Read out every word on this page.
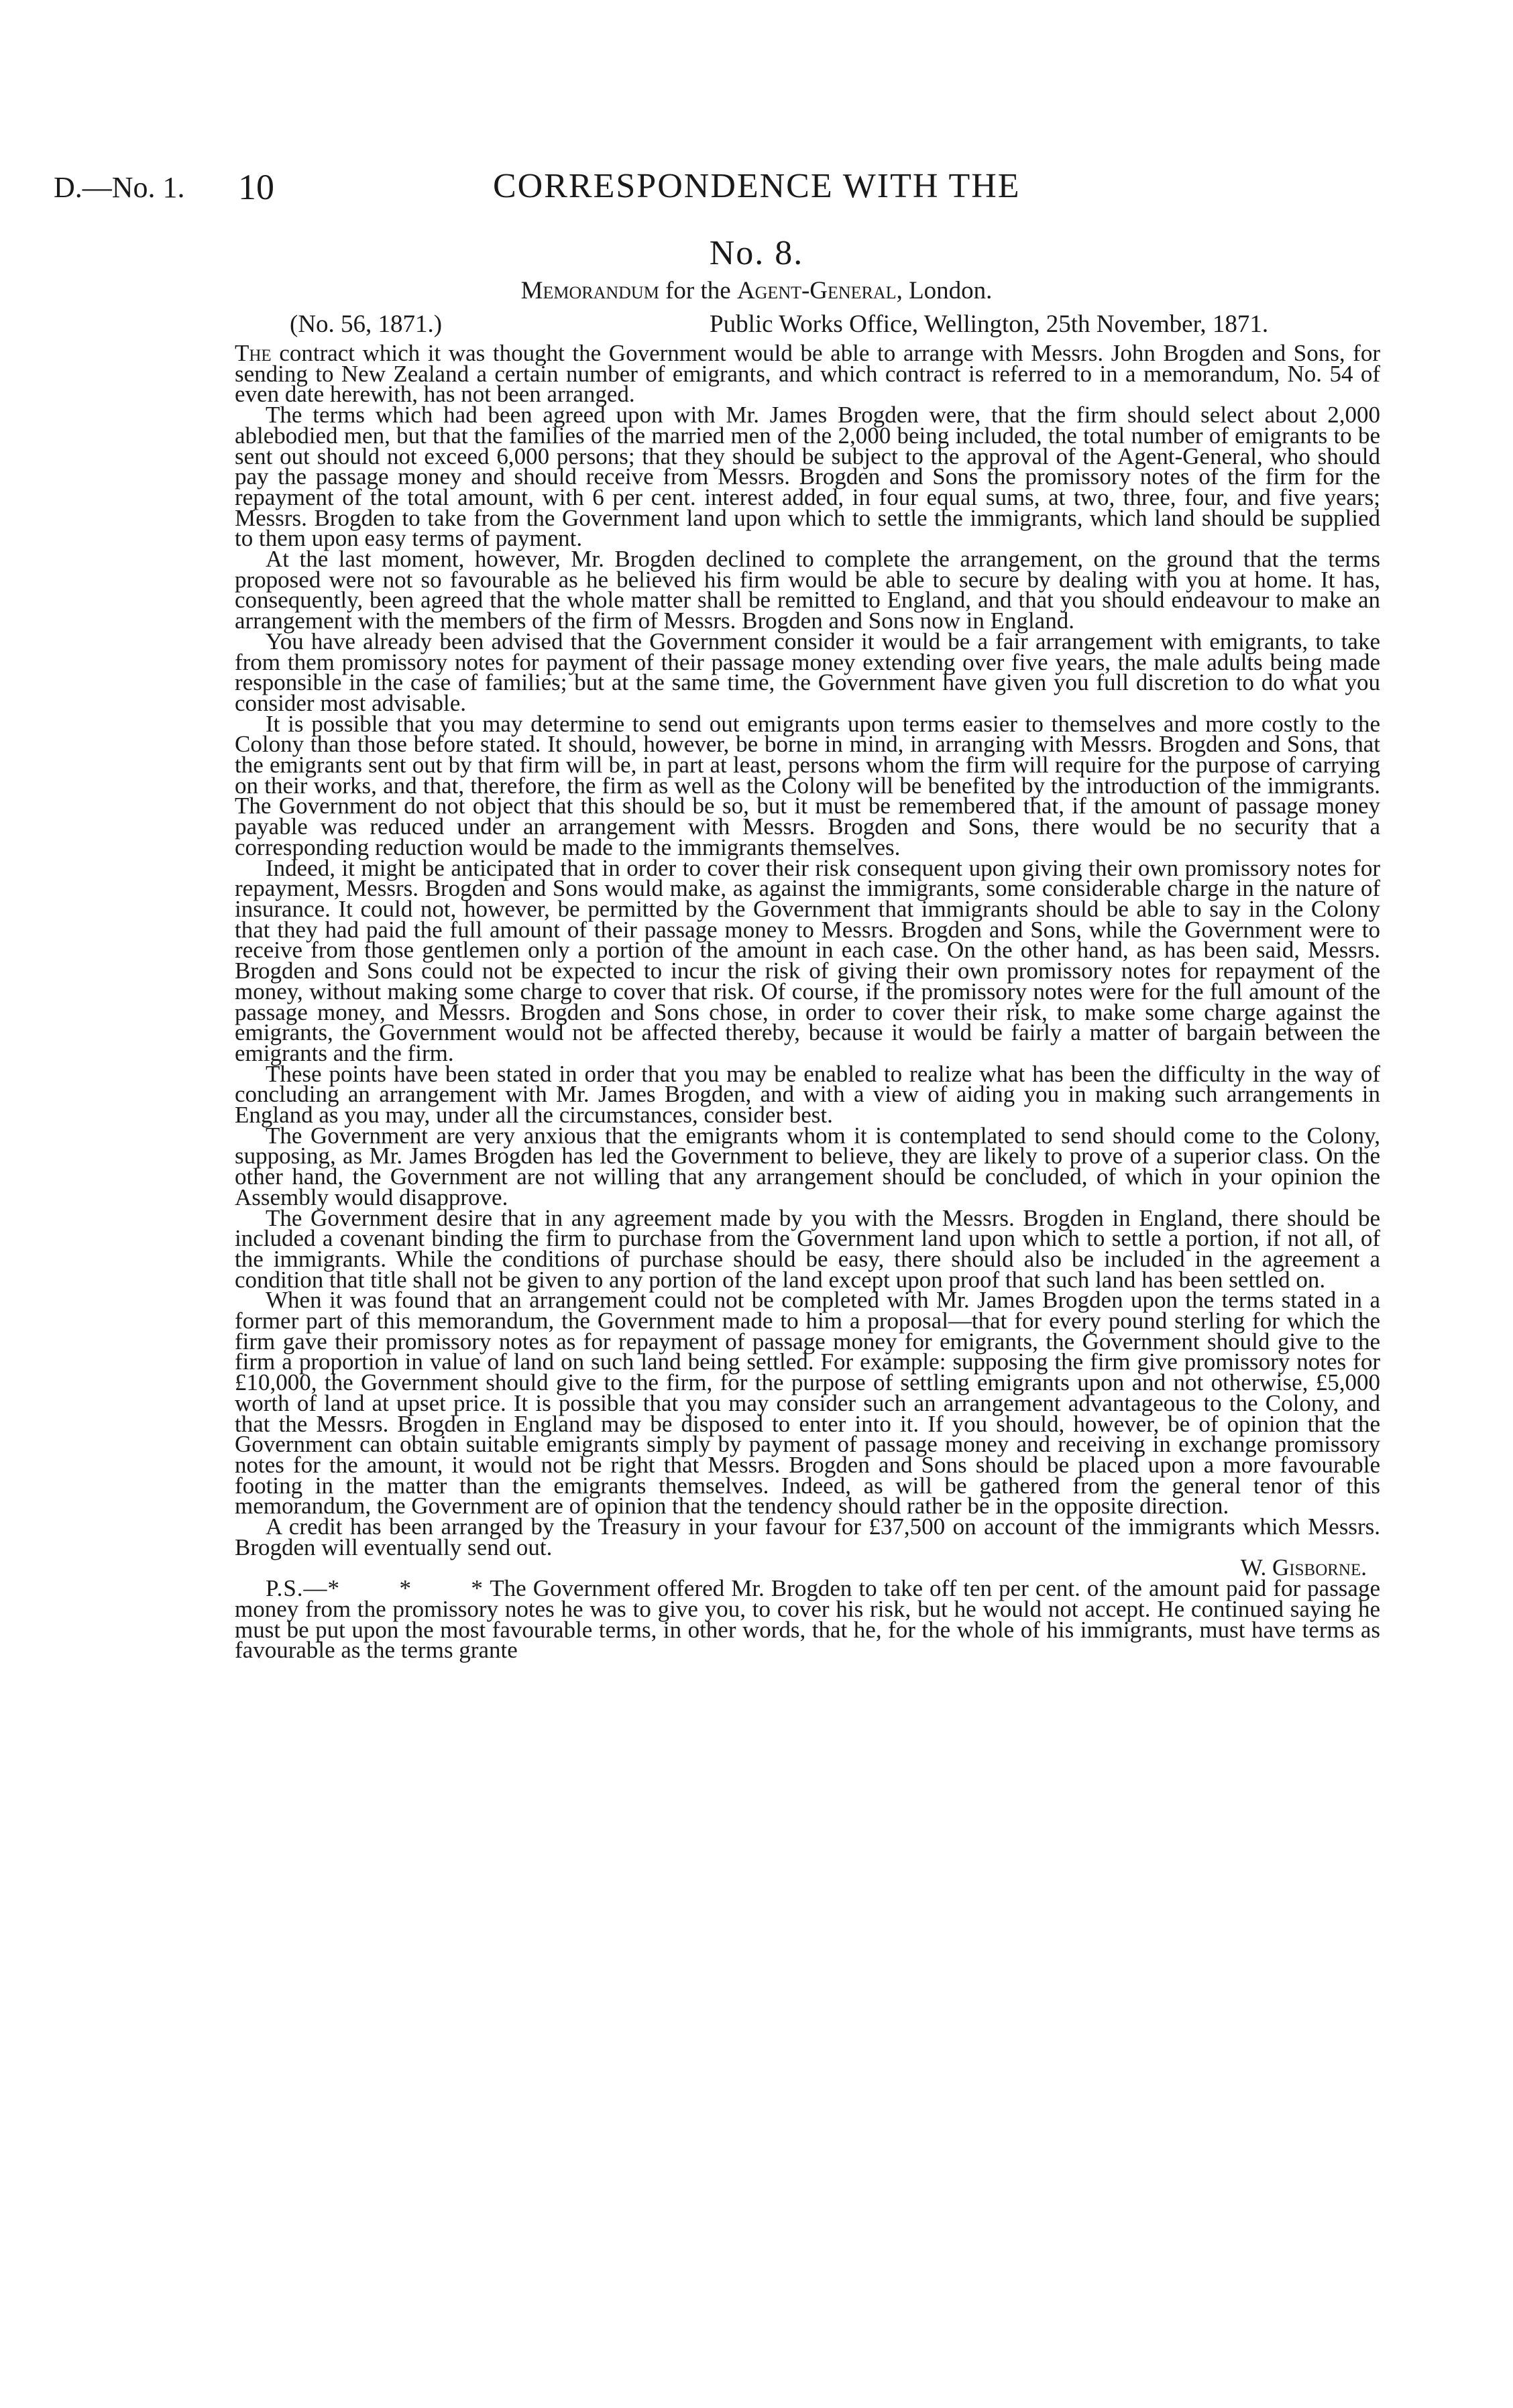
D.—No. 1. 10	CORRESPONDENCE WITH THE
No. 8.
Memorandum for the Agent-General, London.
(No. 56, 1871.)	Public Works Office, Wellington, 25th November, 1871.

The contract which it was thought the Government would be able to arrange with Messrs. John Brogden and Sons, for sending to New Zealand a certain number of emigrants, and which contract is referred to in a memorandum, No. 54 of even date herewith, has not been arranged.

The terms which had been agreed upon with Mr. James Brogden were, that the firm should select about 2,000 ablebodied men, but that the families of the married men of the 2,000 being included, the total number of emigrants to be sent out should not exceed 6,000 persons; that they should be subject to the approval of the Agent-General, who should pay the passage money and should receive from Messrs. Brogden and Sons the promissory notes of the firm for the repayment of the total amount, with 6 per cent. interest added, in four equal sums, at two, three, four, and five years; Messrs. Brogden to take from the Government land upon which to settle the immigrants, which land should be supplied to them upon easy terms of payment.

At the last moment, however, Mr. Brogden declined to complete the arrangement, on the ground that the terms proposed were not so favourable as he believed his firm would be able to secure by dealing with you at home. It has, consequently, been agreed that the whole matter shall be remitted to England, and that you should endeavour to make an arrangement with the members of the firm of Messrs. Brogden and Sons now in England.

You have already been advised that the Government consider it would be a fair arrangement with emigrants, to take from them promissory notes for payment of their passage money extending over five years, the male adults being made responsible in the case of families; but at the same time, the Government have given you full discretion to do what you consider most advisable.

It is possible that you may determine to send out emigrants upon terms easier to themselves and more costly to the Colony than those before stated. It should, however, be borne in mind, in arranging with Messrs. Brogden and Sons, that the emigrants sent out by that firm will be, in part at least, persons whom the firm will require for the purpose of carrying on their works, and that, therefore, the firm as well as the Colony will be benefited by the introduction of the immigrants. The Government do not object that this should be so, but it must be remembered that, if the amount of passage money payable was reduced under an arrangement with Messrs. Brogden and Sons, there would be no security that a corresponding reduction would be made to the immigrants themselves.

Indeed, it might be anticipated that in order to cover their risk consequent upon giving their own promissory notes for repayment, Messrs. Brogden and Sons would make, as against the immigrants, some considerable charge in the nature of insurance. It could not, however, be permitted by the Government that immigrants should be able to say in the Colony that they had paid the full amount of their passage money to Messrs. Brogden and Sons, while the Government were to receive from those gentlemen only a portion of the amount in each case. On the other hand, as has been said, Messrs. Brogden and Sons could not be expected to incur the risk of giving their own promissory notes for repayment of the money, without making some charge to cover that risk. Of course, if the promissory notes were for the full amount of the passage money, and Messrs. Brogden and Sons chose, in order to cover their risk, to make some charge against the emigrants, the Government would not be affected thereby, because it would be fairly a matter of bargain between the emigrants and the firm.

These points have been stated in order that you may be enabled to realize what has been the difficulty in the way of concluding an arrangement with Mr. James Brogden, and with a view of aiding you in making such arrangements in England as you may, under all the circumstances, consider best.

The Government are very anxious that the emigrants whom it is contemplated to send should come to the Colony, supposing, as Mr. James Brogden has led the Government to believe, they are likely to prove of a superior class. On the other hand, the Government are not willing that any arrangement should be concluded, of which in your opinion the Assembly would disapprove.

The Government desire that in any agreement made by you with the Messrs. Brogden in England, there should be included a covenant binding the firm to purchase from the Government land upon which to settle a portion, if not all, of the immigrants. While the conditions of purchase should be easy, there should also be included in the agreement a condition that title shall not be given to any portion of the land except upon proof that such land has been settled on.

When it was found that an arrangement could not be completed with Mr. James Brogden upon the terms stated in a former part of this memorandum, the Government made to him a proposal—that for every pound sterling for which the firm gave their promissory notes as for repayment of passage money for emigrants, the Government should give to the firm a proportion in value of land on such land being settled. For example: supposing the firm give promissory notes for £10,000, the Government should give to the firm, for the purpose of settling emigrants upon and not otherwise, £5,000 worth of land at upset price. It is possible that you may consider such an arrangement advantageous to the Colony, and that the Messrs. Brogden in England may be disposed to enter into it. If you should, however, be of opinion that the Government can obtain suitable emigrants simply by payment of passage money and receiving in exchange promissory notes for the amount, it would not be right that Messrs. Brogden and Sons should be placed upon a more favourable footing in the matter than the emigrants themselves. Indeed, as will be gathered from the general tenor of this memorandum, the Government are of opinion that the tendency should rather be in the opposite direction.

A credit has been arranged by the Treasury in your favour for £37,500 on account of the immigrants which Messrs. Brogden will eventually send out.

W. Gisborne.

P.S.—*        *        * The Government offered Mr. Brogden to take off ten per cent. of the amount paid for passage money from the promissory notes he was to give you, to cover his risk, but he would not accept. He continued saying he must be put upon the most favourable terms, in other words, that he, for the whole of his immigrants, must have terms as favourable as the terms grante
